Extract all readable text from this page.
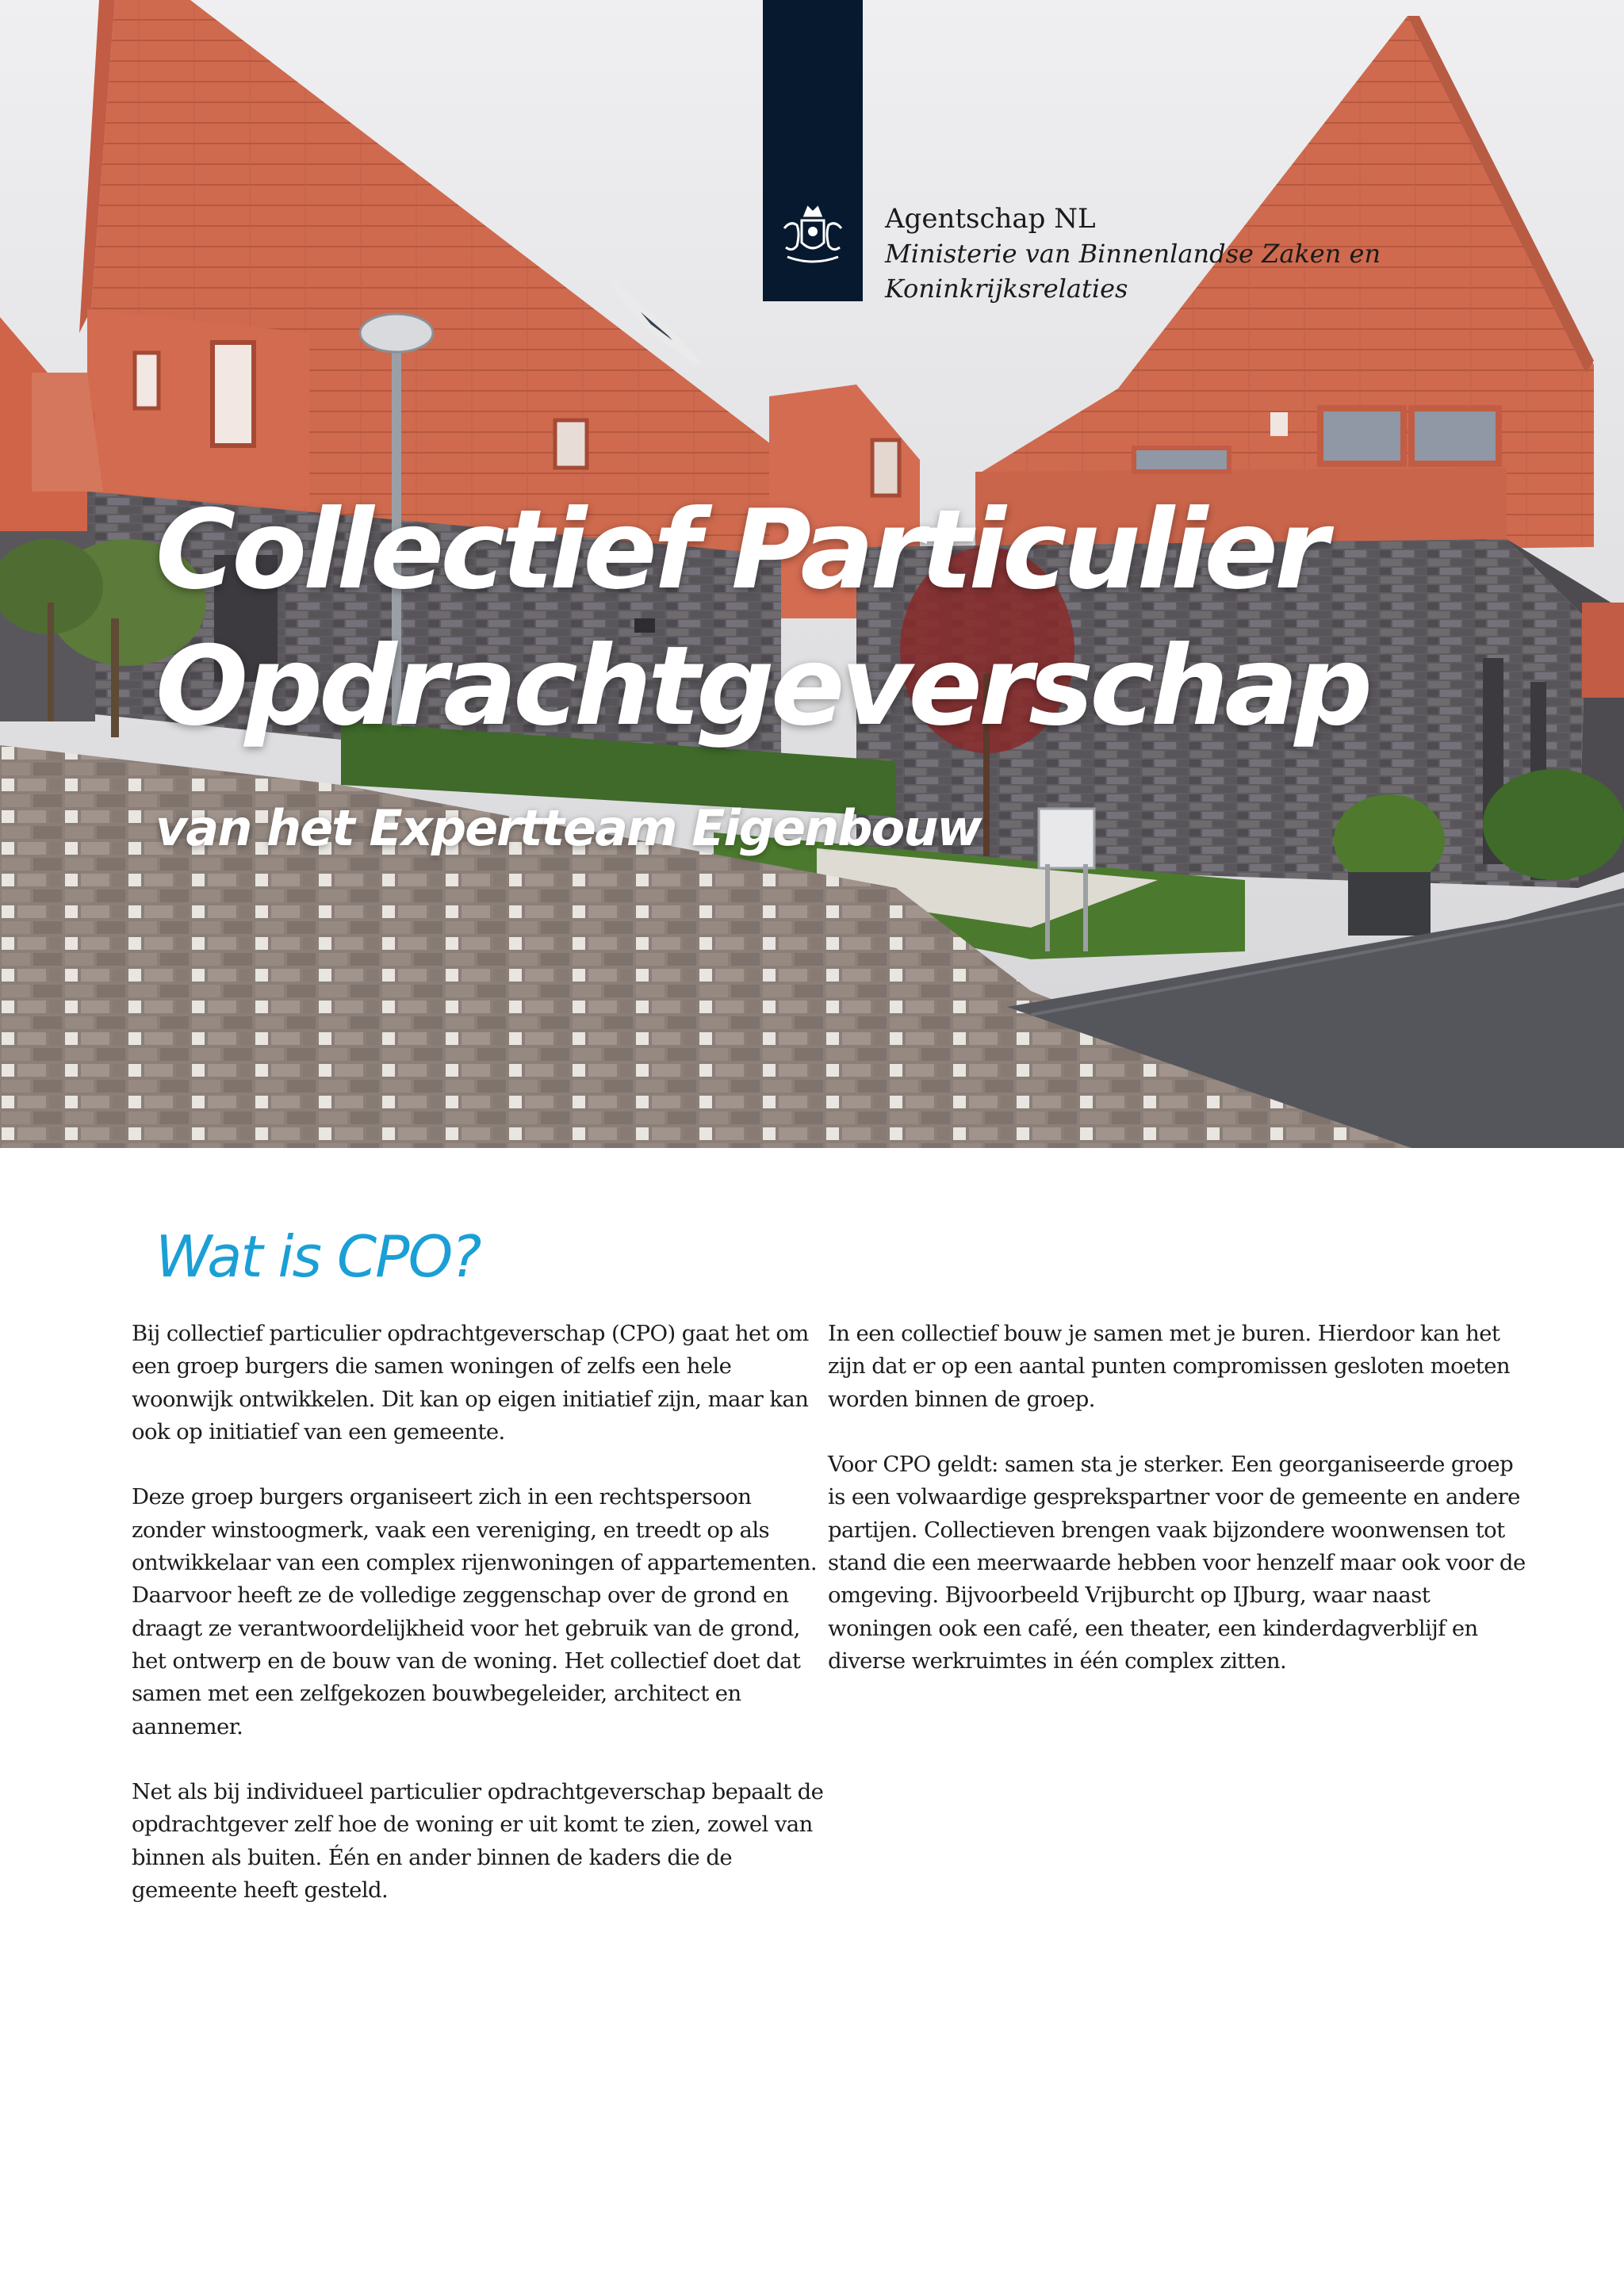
Agentschap NL
Ministerie van Binnenlandse Zaken en
Koninkrijksrelaties
Collectief Particulier
Opdrachtgeverschap
van het Expertteam Eigenbouw
Wat is CPO?

Bij collectief particulier opdrachtgeverschap (CPO) gaat het om een groep burgers die samen woningen of zelfs een hele woonwijk ontwikkelen. Dit kan op eigen initiatief zijn, maar kan ook op initiatief van een gemeente.

Deze groep burgers organiseert zich in een rechtspersoon zonder winstoogmerk, vaak een vereniging, en treedt op als ontwikkelaar van een complex rijenwoningen of appartementen. Daarvoor heeft ze de volledige zeggenschap over de grond en draagt ze verantwoordelijkheid voor het gebruik van de grond, het ontwerp en de bouw van de woning. Het collectief doet dat samen met een zelfgekozen bouwbegeleider, architect en aannemer.

Net als bij individueel particulier opdrachtgeverschap bepaalt de opdrachtgever zelf hoe de woning er uit komt te zien, zowel van binnen als buiten. Één en ander binnen de kaders die de gemeente heeft gesteld.

In een collectief bouw je samen met je buren. Hierdoor kan het zijn dat er op een aantal punten compromissen gesloten moeten worden binnen de groep.

Voor CPO geldt: samen sta je sterker. Een georganiseerde groep is een volwaardige gesprekspartner voor de gemeente en andere partijen. Collectieven brengen vaak bijzondere woonwensen tot stand die een meerwaarde hebben voor henzelf maar ook voor de omgeving. Bijvoorbeeld Vrijburcht op IJburg, waar naast woningen ook een café, een theater, een kinderdagverblijf en diverse werkruimtes in één complex zitten.
